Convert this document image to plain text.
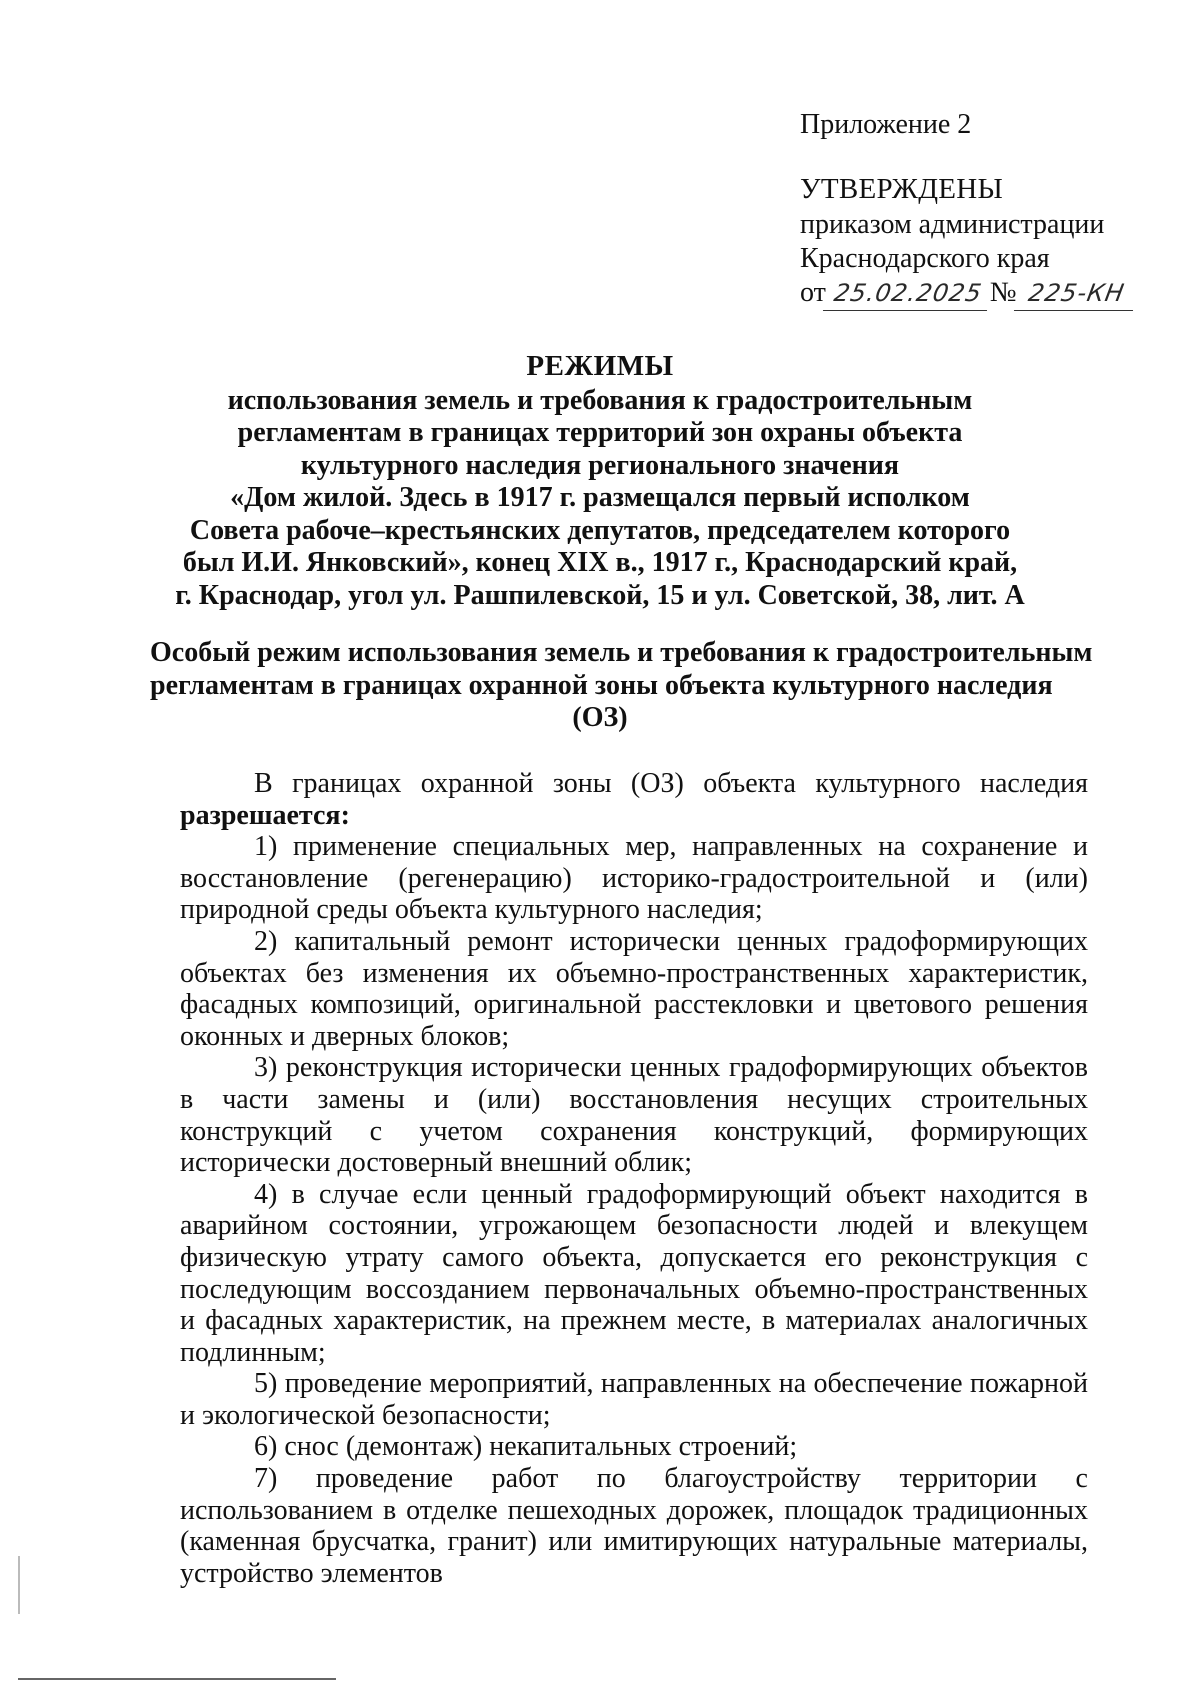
Приложение 2

УТВЕРЖДЕНЫ

приказом администрации

Краснодарского края

от 25.02.2025 № 225-КН

РЕЖИМЫ

использования земель и требования к градостроительным

регламентам в границах территорий зон охраны объекта

культурного наследия регионального значения

«Дом жилой. Здесь в 1917 г. размещался первый исполком

Совета рабоче–крестьянских депутатов, председателем которого

был И.И. Янковский», конец XIX в., 1917 г., Краснодарский край,

г. Краснодар, угол ул. Рашпилевской, 15 и ул. Советской, 38, лит. А

Особый режим использования земель и требования к градостроительным

регламентам в границах охранной зоны объекта культурного наследия

(ОЗ)

В границах охранной зоны (ОЗ) объекта культурного наследия разрешается:

1) применение специальных мер, направленных на сохранение и восстановление (регенерацию) историко-градостроительной и (или) природной среды объекта культурного наследия;

2) капитальный ремонт исторически ценных градоформирующих объектах без изменения их объемно-пространственных характеристик, фасадных композиций, оригинальной расстекловки и цветового решения оконных и дверных блоков;

3) реконструкция исторически ценных градоформирующих объектов в части замены и (или) восстановления несущих строительных конструкций с учетом сохранения конструкций, формирующих исторически достоверный внешний облик;

4) в случае если ценный градоформирующий объект находится в аварийном состоянии, угрожающем безопасности людей и влекущем физическую утрату самого объекта, допускается его реконструкция с последующим воссозданием первоначальных объемно-пространственных и фасадных характеристик, на прежнем месте, в материалах аналогичных подлинным;

5) проведение мероприятий, направленных на обеспечение пожарной и экологической безопасности;

6) снос (демонтаж) некапитальных строений;

7) проведение работ по благоустройству территории с использованием в отделке пешеходных дорожек, площадок традиционных (каменная брусчатка, гранит) или имитирующих натуральные материалы, устройство элементов
